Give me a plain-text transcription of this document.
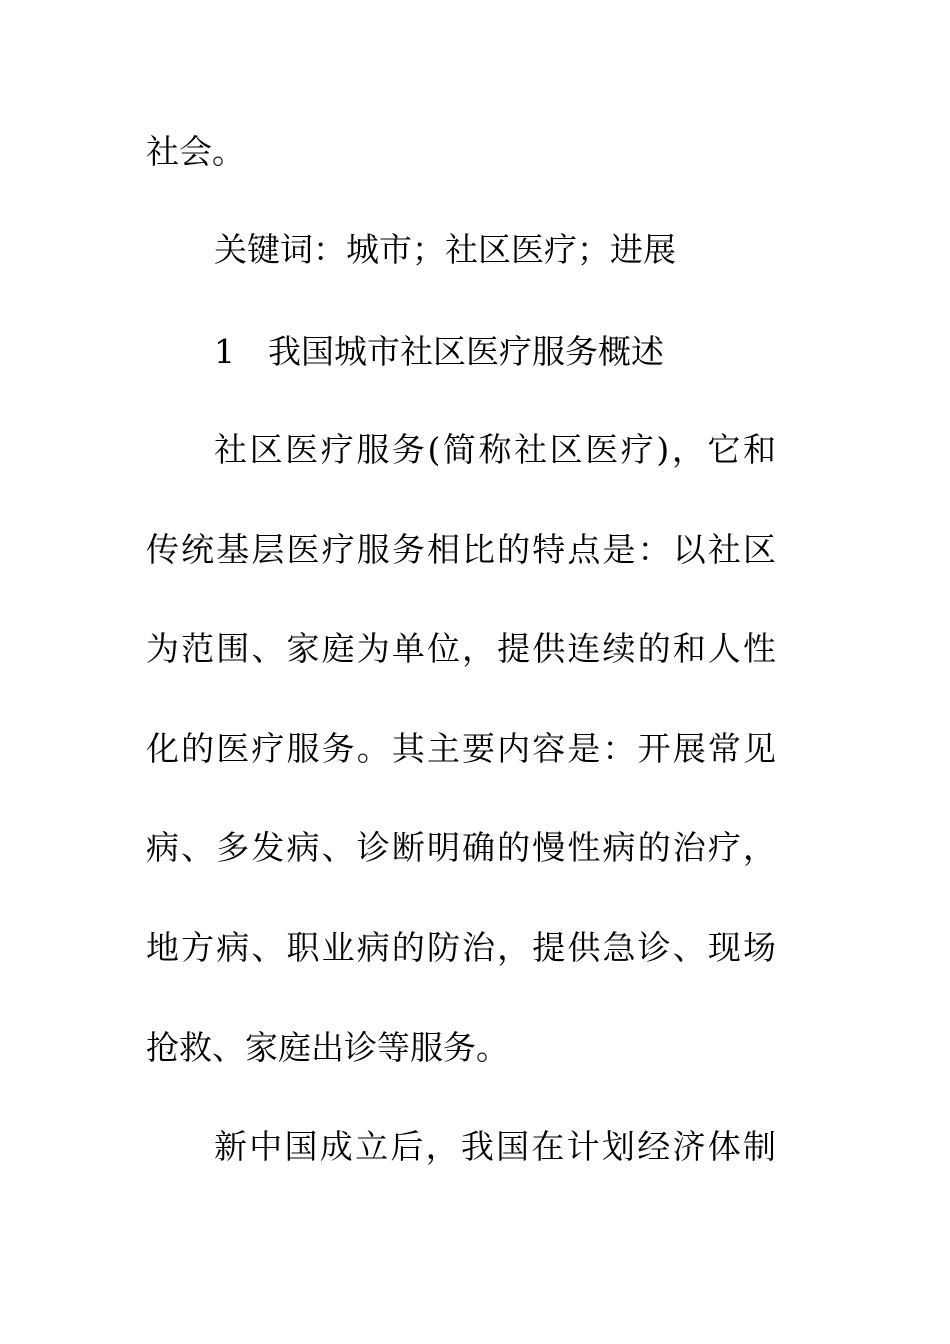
社会。
关键词：城市；社区医疗；进展
1 我国城市社区医疗服务概述
社区医疗服务(简称社区医疗)，它和
传统基层医疗服务相比的特点是：以社区
为范围、家庭为单位，提供连续的和人性
化的医疗服务。其主要内容是：开展常见
病、多发病、诊断明确的慢性病的治疗，
地方病、职业病的防治，提供急诊、现场
抢救、家庭出诊等服务。
新中国成立后，我国在计划经济体制
